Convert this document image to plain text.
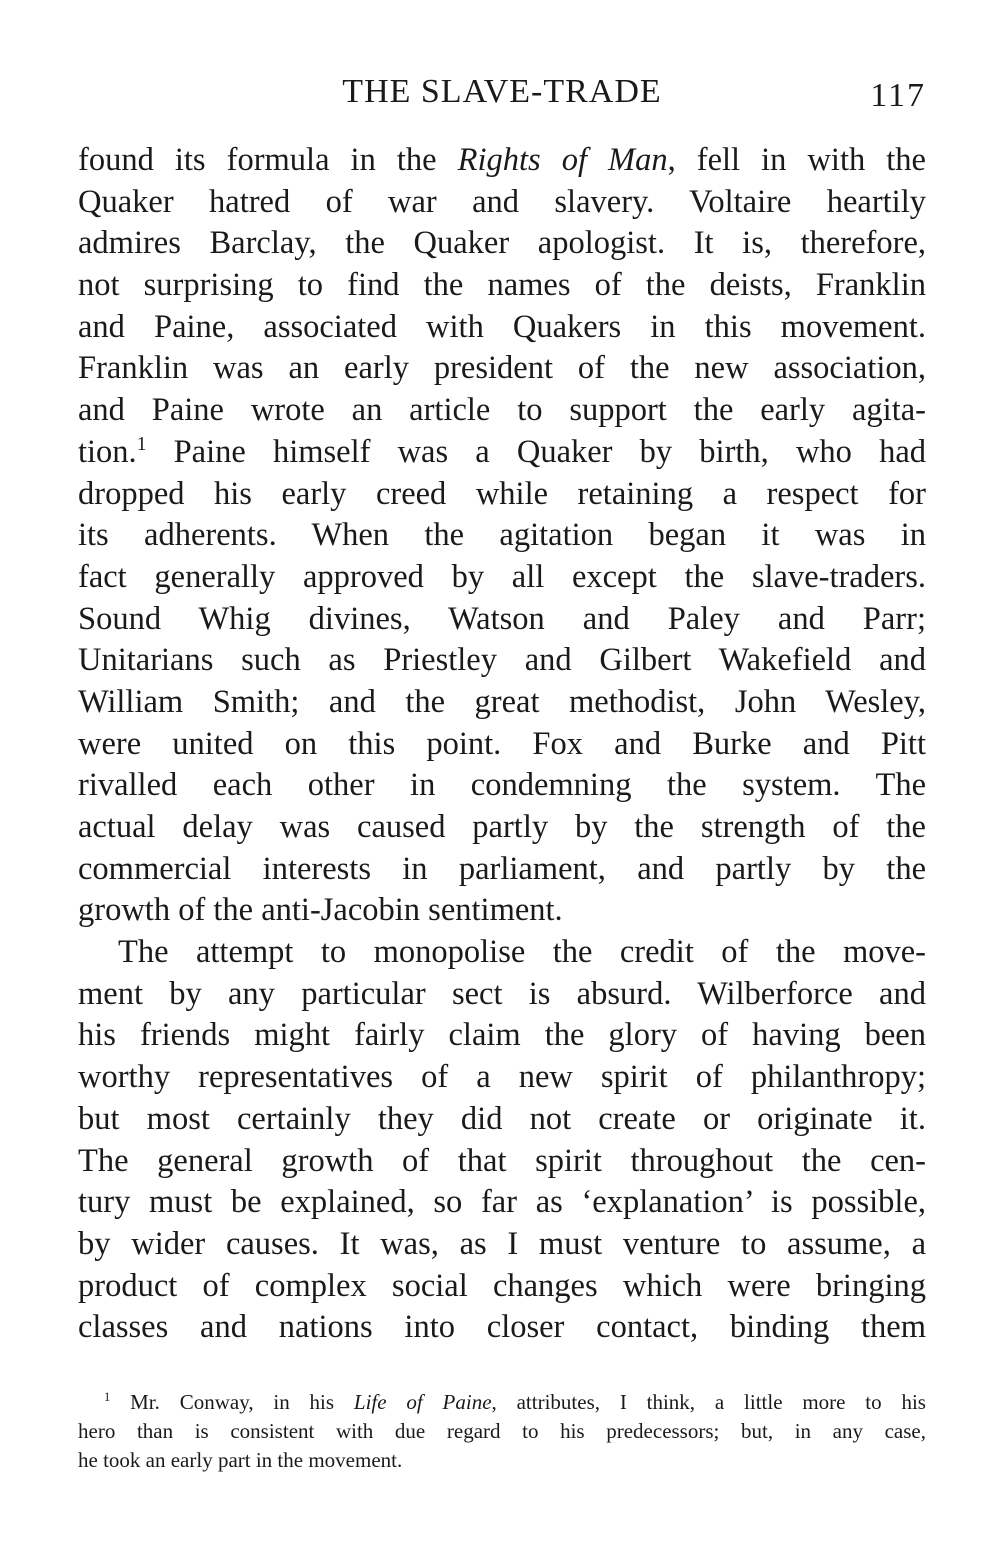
THE SLAVE-TRADE	117
found its formula in the Rights of Man, fell in with the
Quaker hatred of war and slavery. Voltaire heartily
admires Barclay, the Quaker apologist. It is, therefore,
not surprising to find the names of the deists, Franklin
and Paine, associated with Quakers in this movement.
Franklin was an early president of the new association,
and Paine wrote an article to support the early agita-
tion.$^1$ Paine himself was a Quaker by birth, who had
dropped his early creed while retaining a respect for
its adherents. When the agitation began it was in
fact generally approved by all except the slave-traders.
Sound Whig divines, Watson and Paley and Parr;
Unitarians such as Priestley and Gilbert Wakefield and
William Smith; and the great methodist, John Wesley,
were united on this point. Fox and Burke and Pitt
rivalled each other in condemning the system. The
actual delay was caused partly by the strength of the
commercial interests in parliament, and partly by the
growth of the anti-Jacobin sentiment.
The attempt to monopolise the credit of the move-
ment by any particular sect is absurd. Wilberforce and
his friends might fairly claim the glory of having been
worthy representatives of a new spirit of philanthropy;
but most certainly they did not create or originate it.
The general growth of that spirit throughout the cen-
tury must be explained, so far as ‘explanation’ is possible,
by wider causes. It was, as I must venture to assume, a
product of complex social changes which were bringing
classes and nations into closer contact, binding them
$^1$ Mr. Conway, in his Life of Paine, attributes, I think, a little more to his
hero than is consistent with due regard to his predecessors; but, in any case,
he took an early part in the movement.
